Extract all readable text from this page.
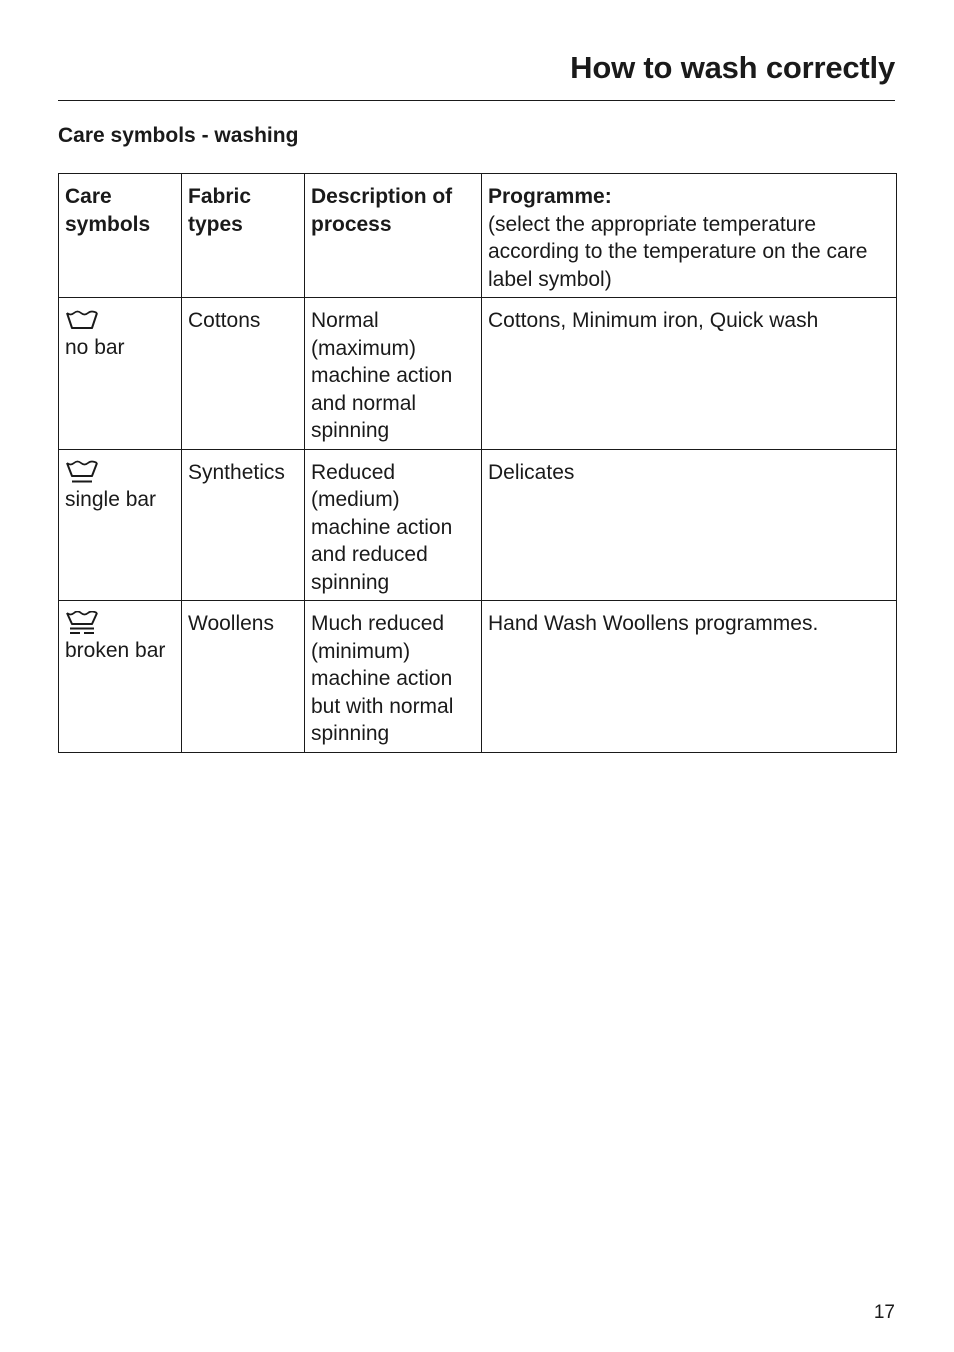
How to wash correctly
Care symbols - washing
Care symbols	Fabric types	Description of process	Programme:
(select the appropriate temperature according to the temperature on the care label symbol)

no bar	Cottons	Normal (maximum) machine action and normal spinning	Cottons, Minimum iron, Quick wash

single bar	Synthetics	Reduced (medium) machine action and reduced spinning	Delicates

broken bar	Woollens	Much reduced (minimum) machine action but with normal spinning	Hand Wash Woollens programmes.
17
